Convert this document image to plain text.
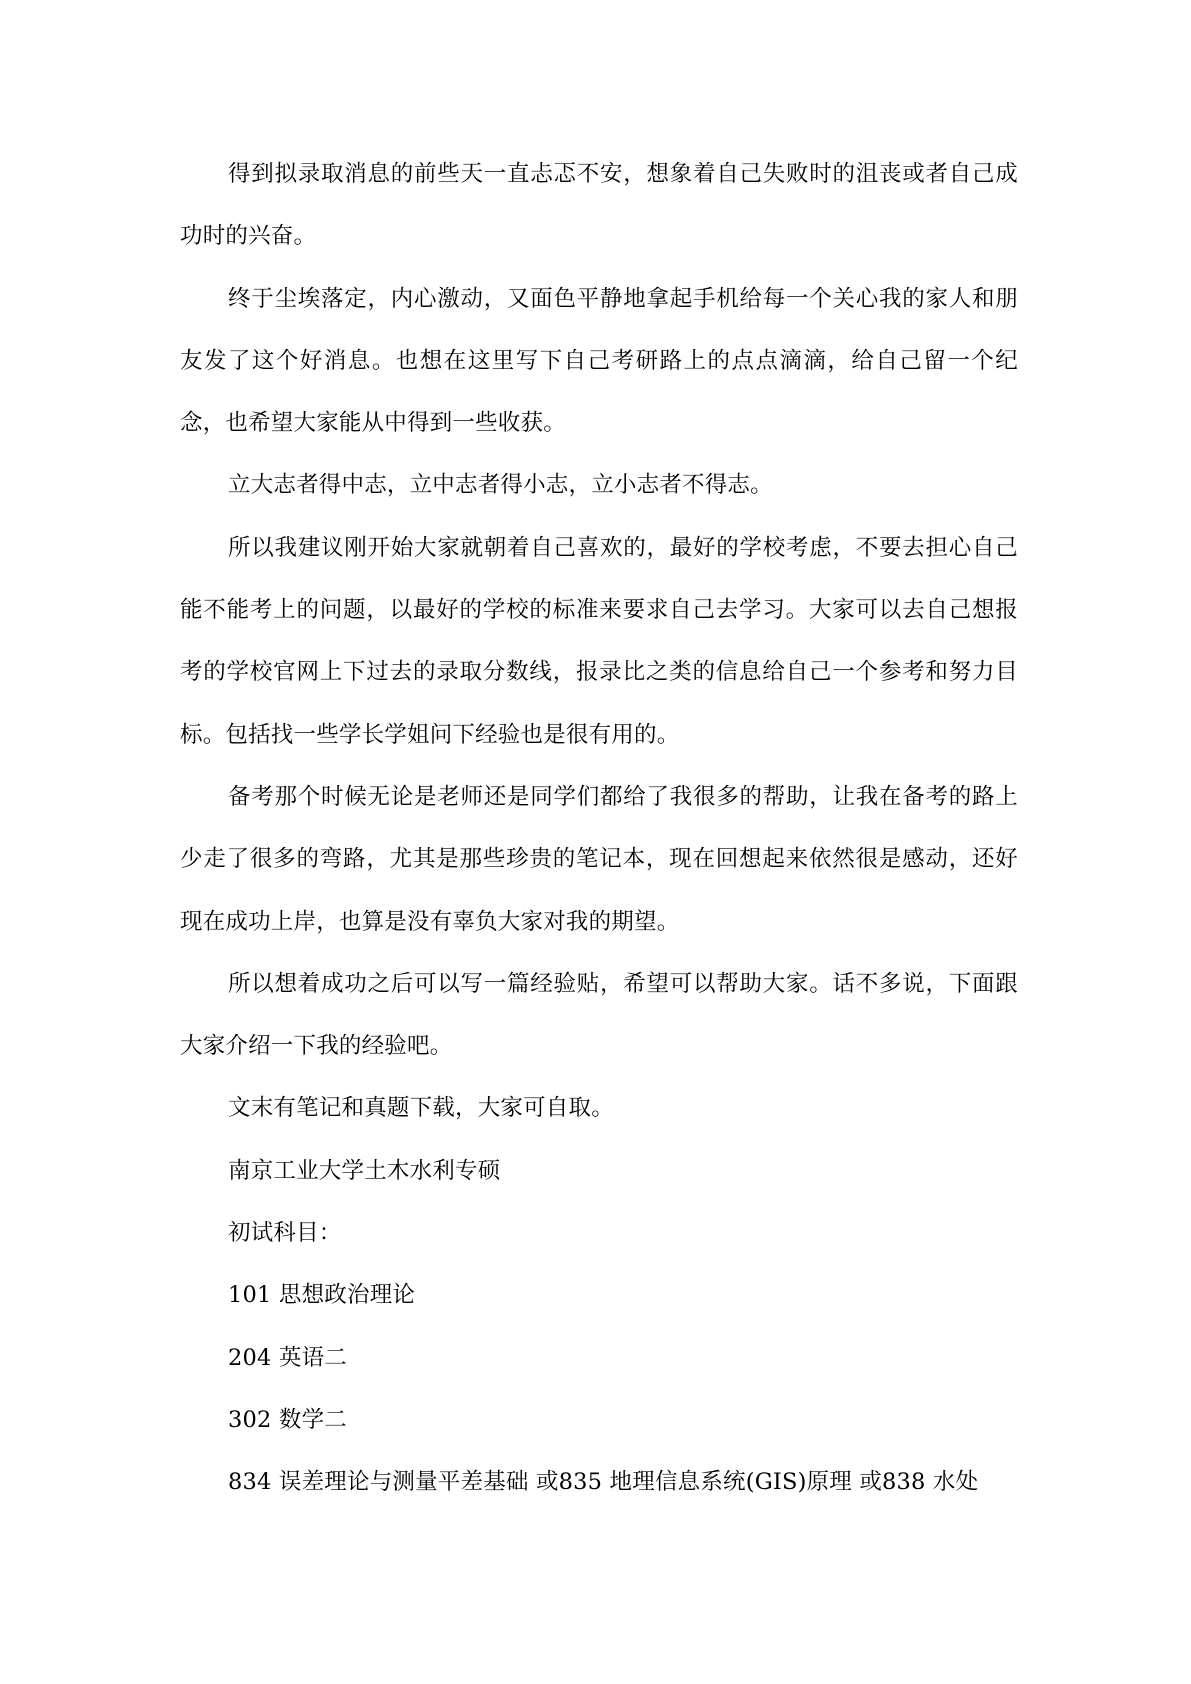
得到拟录取消息的前些天一直忐忑不安，想象着自己失败时的沮丧或者自己成功时的兴奋。

终于尘埃落定，内心激动，又面色平静地拿起手机给每一个关心我的家人和朋友发了这个好消息。也想在这里写下自己考研路上的点点滴滴，给自己留一个纪念，也希望大家能从中得到一些收获。

立大志者得中志，立中志者得小志，立小志者不得志。

所以我建议刚开始大家就朝着自己喜欢的，最好的学校考虑，不要去担心自己能不能考上的问题，以最好的学校的标准来要求自己去学习。大家可以去自己想报考的学校官网上下过去的录取分数线，报录比之类的信息给自己一个参考和努力目标。包括找一些学长学姐问下经验也是很有用的。

备考那个时候无论是老师还是同学们都给了我很多的帮助，让我在备考的路上少走了很多的弯路，尤其是那些珍贵的笔记本，现在回想起来依然很是感动，还好现在成功上岸，也算是没有辜负大家对我的期望。

所以想着成功之后可以写一篇经验贴，希望可以帮助大家。话不多说，下面跟大家介绍一下我的经验吧。

文末有笔记和真题下载，大家可自取。

南京工业大学土木水利专硕

初试科目：

101 思想政治理论

204 英语二

302 数学二

834 误差理论与测量平差基础 或835 地理信息系统(GIS)原理 或838 水处
